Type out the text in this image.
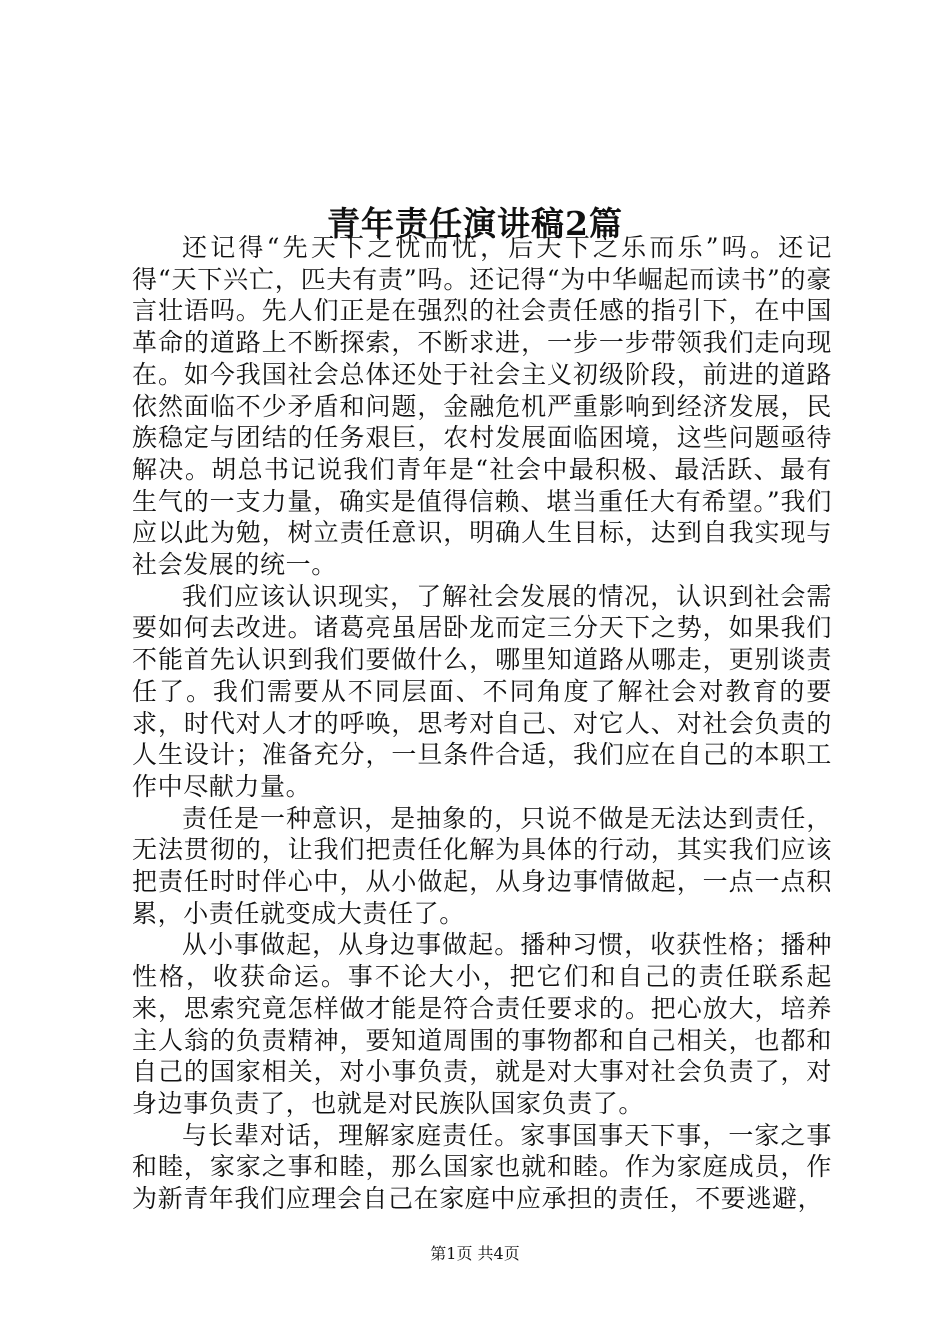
青年责任演讲稿2篇

还记得“先天下之忧而忧，后天下之乐而乐”吗。还记得“天下兴亡，匹夫有责”吗。还记得“为中华崛起而读书”的豪言壮语吗。先人们正是在强烈的社会责任感的指引下，在中国革命的道路上不断探索，不断求进，一步一步带领我们走向现在。如今我国社会总体还处于社会主义初级阶段，前进的道路依然面临不少矛盾和问题，金融危机严重影响到经济发展，民族稳定与团结的任务艰巨，农村发展面临困境，这些问题亟待解决。胡总书记说我们青年是“社会中最积极、最活跃、最有生气的一支力量，确实是值得信赖、堪当重任大有希望。”我们应以此为勉，树立责任意识，明确人生目标，达到自我实现与社会发展的统一。

我们应该认识现实，了解社会发展的情况，认识到社会需要如何去改进。诸葛亮虽居卧龙而定三分天下之势，如果我们不能首先认识到我们要做什么，哪里知道路从哪走，更别谈责任了。我们需要从不同层面、不同角度了解社会对教育的要求，时代对人才的呼唤，思考对自己、对它人、对社会负责的人生设计；准备充分，一旦条件合适，我们应在自己的本职工作中尽献力量。

责任是一种意识，是抽象的，只说不做是无法达到责任，无法贯彻的，让我们把责任化解为具体的行动，其实我们应该把责任时时伴心中，从小做起，从身边事情做起，一点一点积累，小责任就变成大责任了。

从小事做起，从身边事做起。播种习惯，收获性格；播种性格，收获命运。事不论大小，把它们和自己的责任联系起来，思索究竟怎样做才能是符合责任要求的。把心放大，培养主人翁的负责精神，要知道周围的事物都和自己相关，也都和自己的国家相关，对小事负责，就是对大事对社会负责了，对身边事负责了，也就是对民族队国家负责了。

与长辈对话，理解家庭责任。家事国事天下事，一家之事和睦，家家之事和睦，那么国家也就和睦。作为家庭成员，作为新青年我们应理会自己在家庭中应承担的责任，不要逃避，

第1页 共4页
